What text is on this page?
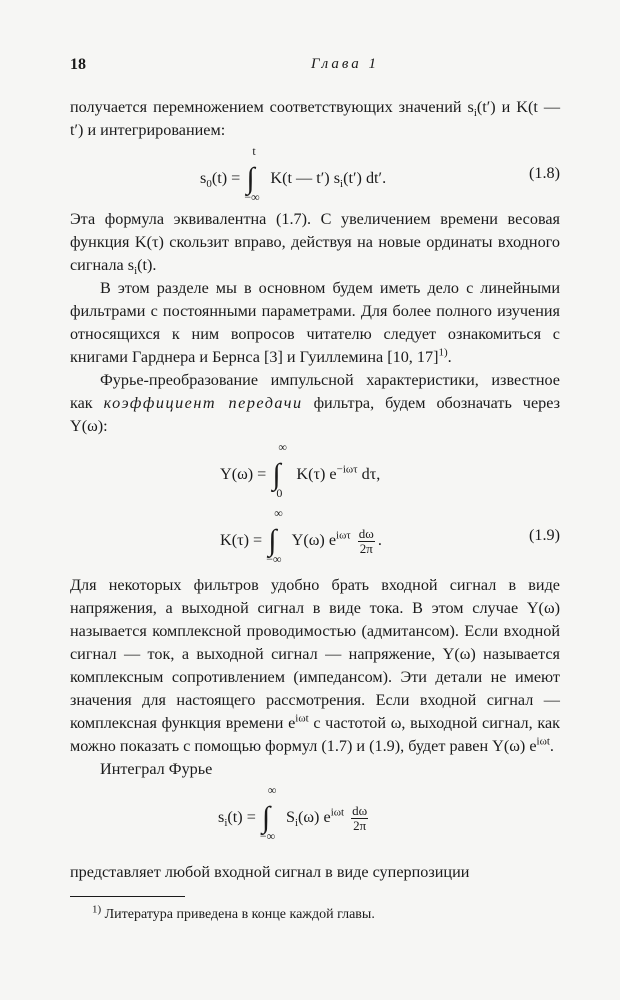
18	Глава 1

получается перемножением соответствующих значений $s_i(t')$ и K(t — t′) и интегрированием:

$s_0(t)$ =
t
∫
−∞
K(t — t′) $s_i(t')$ dt′.	(1.8)

Эта формула эквивалентна (1.7). С увеличением времени весовая функция K(τ) скользит вправо, действуя на новые ординаты входного сигнала $s_i(t)$.

В этом разделе мы в основном будем иметь дело с линейными фильтрами с постоянными параметрами. Для более полного изучения относящихся к ним вопросов читателю следует ознакомиться с книгами Гарднера и Бернса [3] и Гуиллемина [10, 17]$^{1)}$.

Фурье-преобразование импульсной характеристики, известное как коэффициент передачи фильтра, будем обозначать через Y(ω):

Y(ω) =
∞
∫
0
K(τ) $e^{-i\omega\tau}$ dτ,
K(τ) =
∞
∫
−∞
Y(ω) $e^{i\omega\tau} \frac{d\omega}{2\pi}$ .	(1.9)

Для некоторых фильтров удобно брать входной сигнал в виде напряжения, а выходной сигнал в виде тока. В этом случае Y(ω) называется комплексной проводимостью (адмитансом). Если входной сигнал — ток, а выходной сигнал — напряжение, Y(ω) называется комплексным сопротивлением (импедансом). Эти детали не имеют значения для настоящего рассмотрения. Если входной сигнал — комплексная функция времени $e^{i\omega t}$ с частотой ω, выходной сигнал, как можно показать с помощью формул (1.7) и (1.9), будет равен Y(ω) $e^{i\omega t}$.

Интеграл Фурье

$s_i(t)$ =
∞
∫
−∞
$S_i(\omega)$ $e^{i\omega t} \frac{d\omega}{2\pi}$

представляет любой входной сигнал в виде суперпозиции

$^{1)}$ Литература приведена в конце каждой главы.
